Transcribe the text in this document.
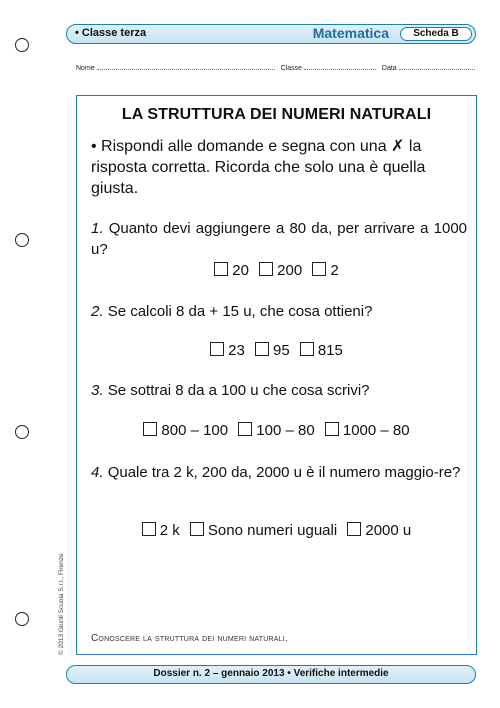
• Classe terza	Matematica	Scheda B
Nome	Classe	Data
LA STRUTTURA DEI NUMERI NATURALI
• Rispondi alle domande e segna con una ✗ la risposta corretta. Ricorda che solo una è quella giusta.
1. Quanto devi aggiungere a 80 da, per arrivare a 1000 u?
20 200 2
2. Se calcoli 8 da + 15 u, che cosa ottieni?
23 95 815
3. Se sottrai 8 da a 100 u che cosa scrivi?
800 – 100 100 – 80 1000 – 80
4. Quale tra 2 k, 200 da, 2000 u è il numero maggio-re?
2 k Sono numeri uguali 2000 u
Conoscere la struttura dei numeri naturali.
© 2013 Giunti Scuola S.r.l., Firenze
Dossier n. 2 – gennaio 2013 • Verifiche intermedie
